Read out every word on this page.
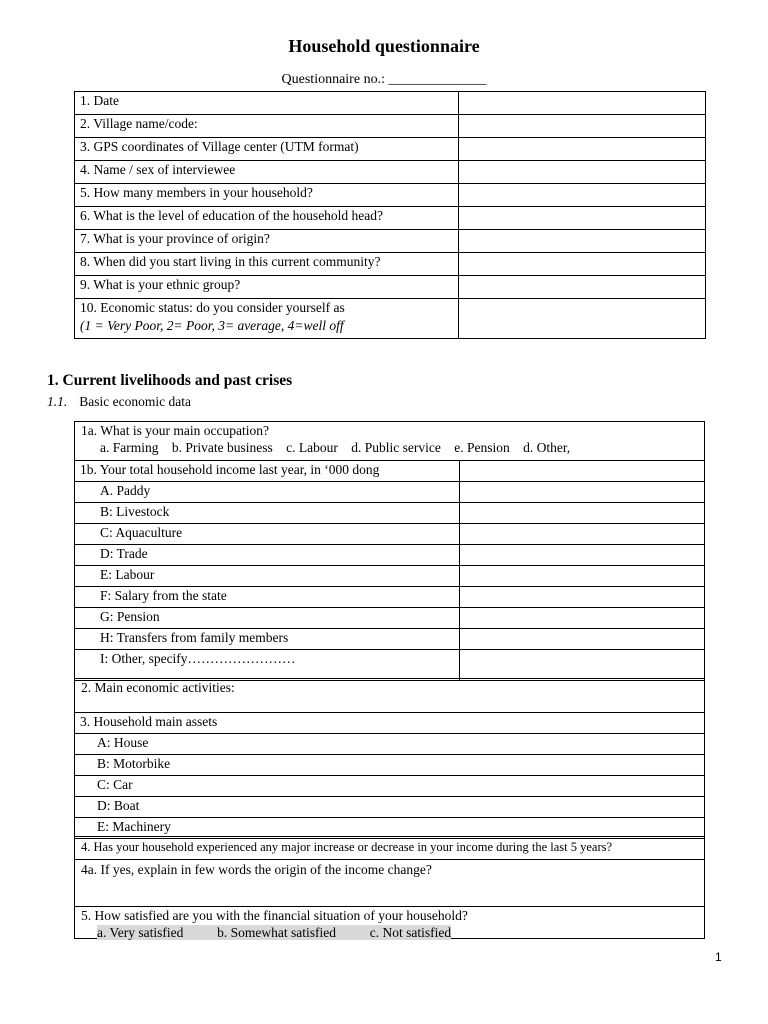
Household questionnaire
Questionnaire no.: ______________
1. Date	
2. Village name/code:	
3. GPS coordinates of Village center (UTM format)	
4. Name / sex of interviewee	
5. How many members in your household?	
6. What is the level of education of the household head?	
7. What is your province of origin?	
8. When did you start living in this current community?	
9. What is your ethnic group?	

10. Economic status: do you consider yourself as
(1 = Very Poor, 2= Poor, 3= average, 4=well off	

1. Current livelihoods and past crises
1.1. Basic economic data
1a. What is your main occupation?
a. Farming b. Private business c. Labour d. Public service e. Pension d. Other,
1b. Your total household income last year, in ‘000 dong	
A. Paddy	
B: Livestock	
C: Aquaculture	
D: Trade	
E: Labour	
F: Salary from the state	
G: Pension	
H: Transfers from family members	
I: Other, specify……………………	
2. Main economic activities:
3. Household main assets
A: House
B: Motorbike
C: Car
D: Boat
E: Machinery
4. Has your household experienced any major increase or decrease in your income during the last 5 years?
4a. If yes, explain in few words the origin of the income change?
5. How satisfied are you with the financial situation of your household?
a. Very satisfied	b. Somewhat satisfied	c. Not satisfied
1
